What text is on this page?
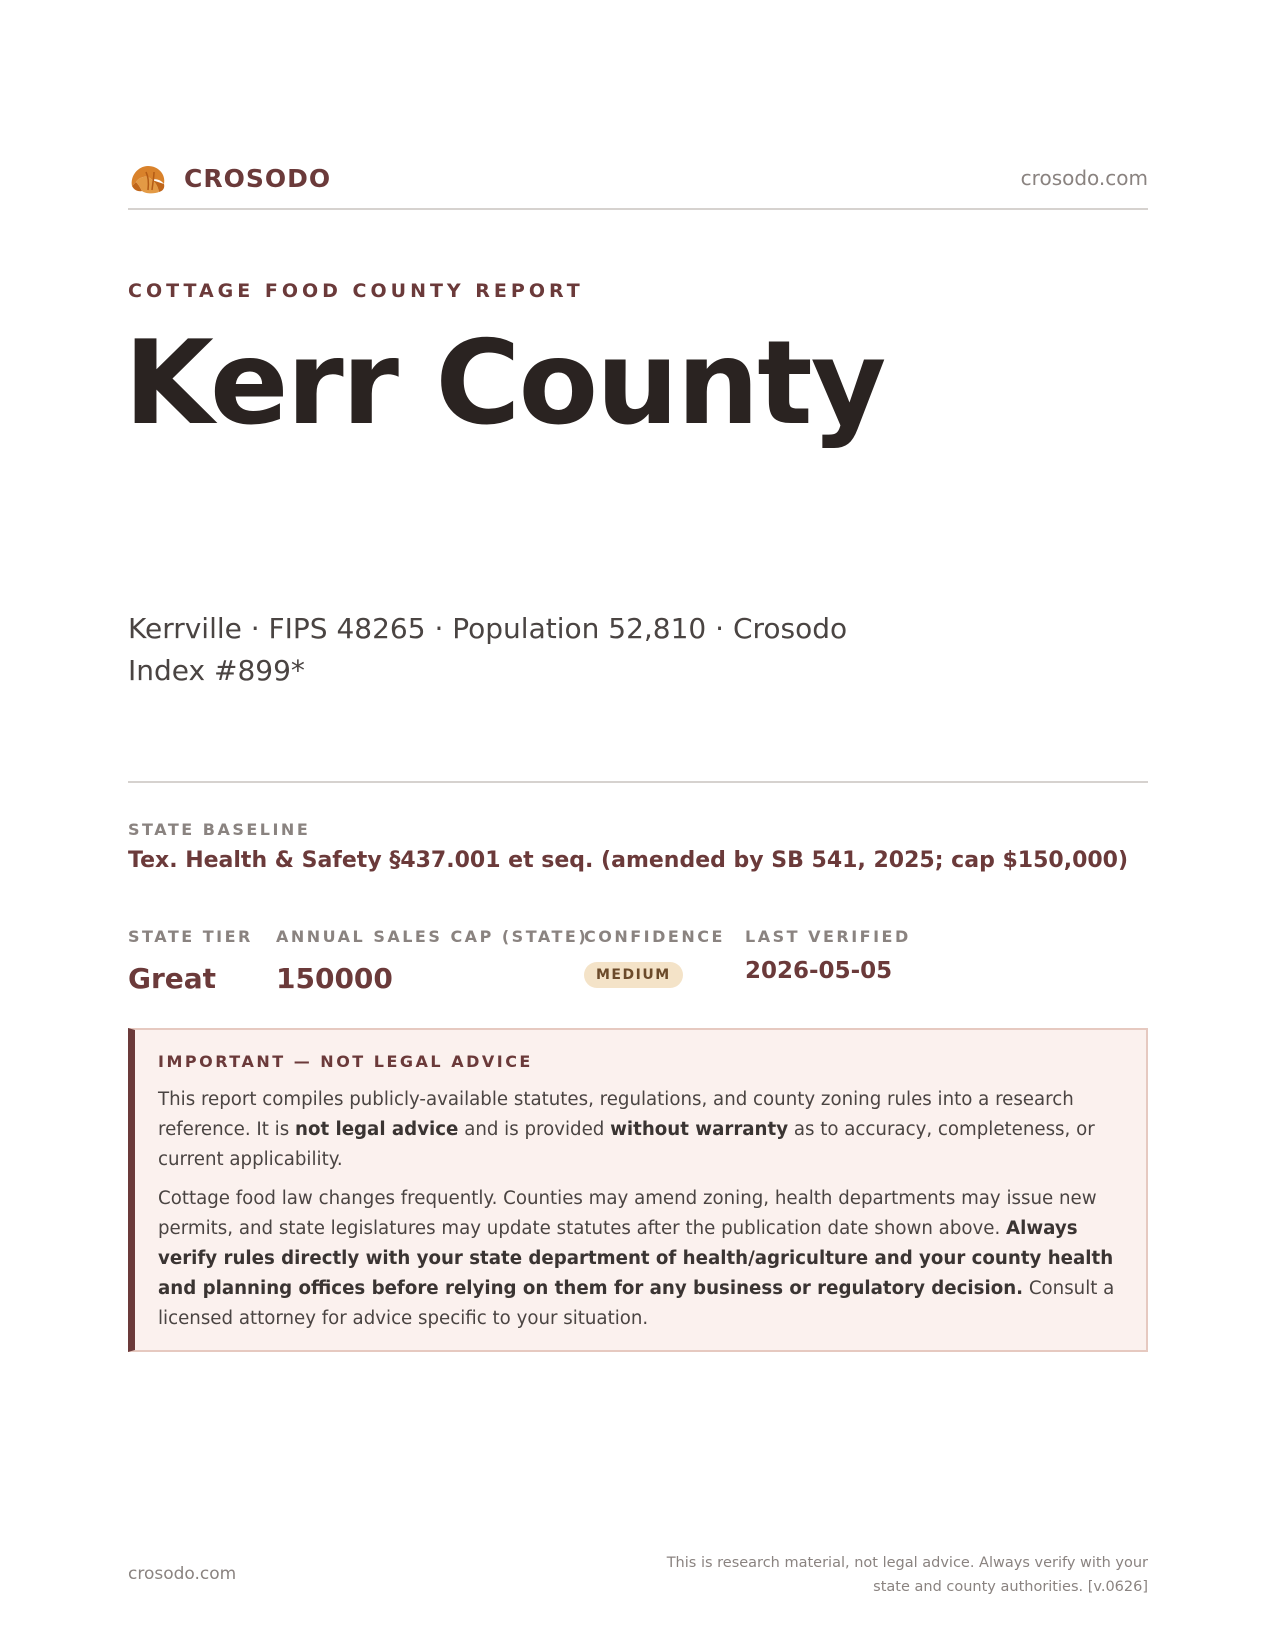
CROSODO	crosodo.com
COTTAGE FOOD COUNTY REPORT
Kerr County
Kerrville · FIPS 48265 · Population 52,810 · Crosodo Index #899*
STATE BASELINE
Tex. Health & Safety §437.001 et seq. (amended by SB 541, 2025; cap $150,000)
STATE TIER
Great
ANNUAL SALES CAP (STATE)
150000
CONFIDENCE
MEDIUM
LAST VERIFIED
2026-05-05
IMPORTANT — NOT LEGAL ADVICE

This report compiles publicly-available statutes, regulations, and county zoning rules into a research reference. It is not legal advice and is provided without warranty as to accuracy, completeness, or current applicability.

Cottage food law changes frequently. Counties may amend zoning, health departments may issue new permits, and state legislatures may update statutes after the publication date shown above. Always verify rules directly with your state department of health/agriculture and your county health and planning offices before relying on them for any business or regulatory decision. Consult a licensed attorney for advice specific to your situation.

crosodo.com
This is research material, not legal advice. Always verify with your state and county authorities. [v.0626]
